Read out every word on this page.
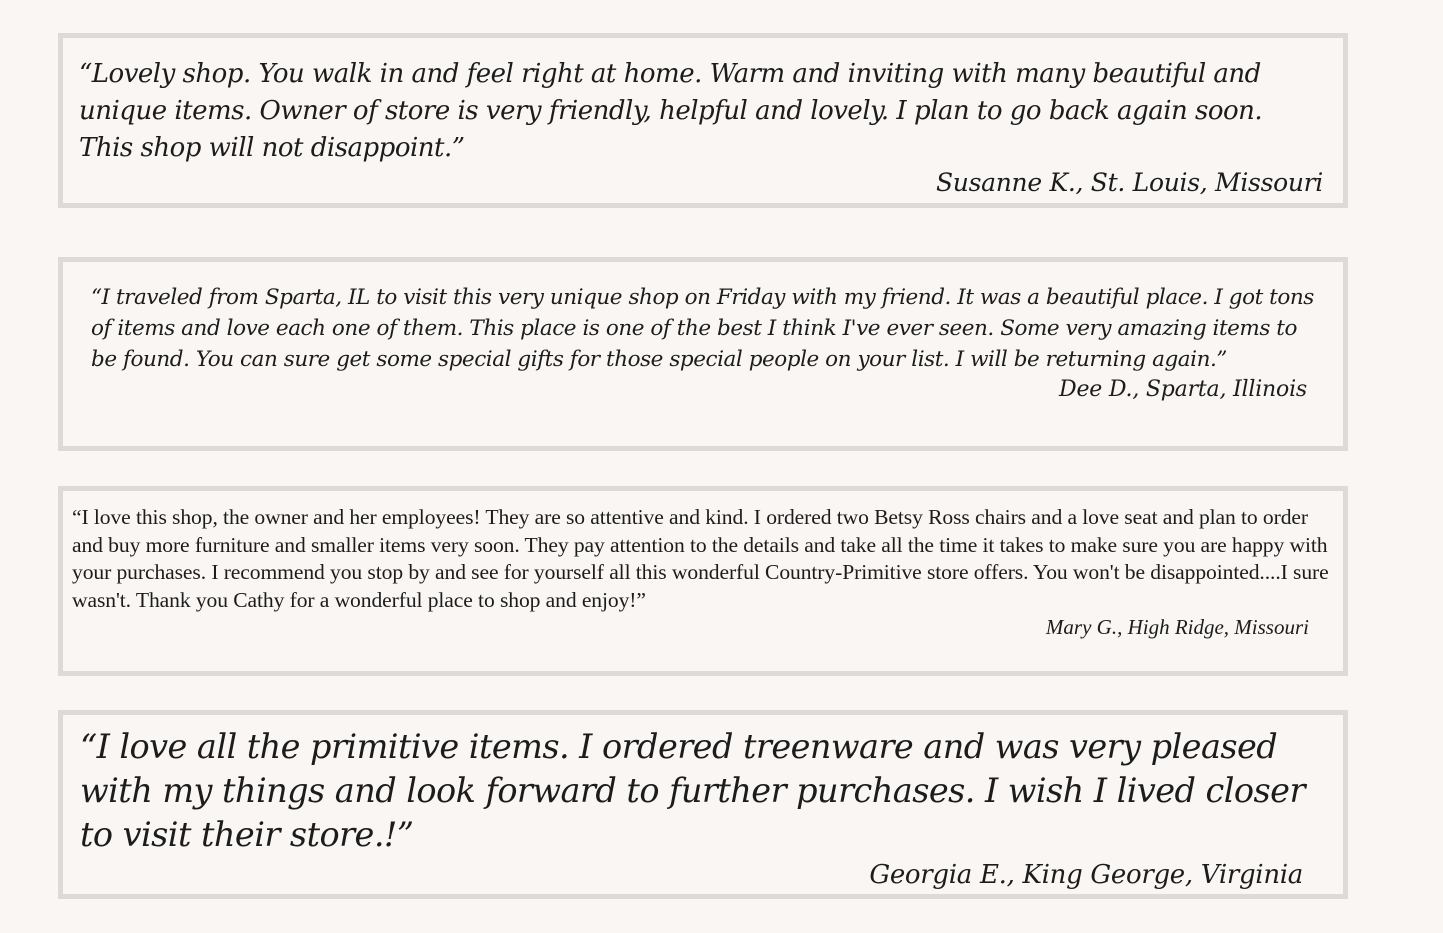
“Lovely shop. You walk in and feel right at home. Warm and inviting with many beautiful and unique items. Owner of store is very friendly, helpful and lovely. I plan to go back again soon. This shop will not disappoint.”
Susanne K., St. Louis, Missouri
“I traveled from Sparta, IL to visit this very unique shop on Friday with my friend. It was a beautiful place. I got tons of items and love each one of them. This place is one of the best I think I've ever seen. Some very amazing items to be found. You can sure get some special gifts for those special people on your list. I will be returning again.”
Dee D., Sparta, Illinois
“I love this shop, the owner and her employees! They are so attentive and kind. I ordered two Betsy Ross chairs and a love seat and plan to order and buy more furniture and smaller items very soon. They pay attention to the details and take all the time it takes to make sure you are happy with your purchases. I recommend you stop by and see for yourself all this wonderful Country-Primitive store offers. You won't be disappointed....I sure wasn't. Thank you Cathy for a wonderful place to shop and enjoy!”
Mary G., High Ridge, Missouri
“I love all the primitive items. I ordered treenware and was very pleased with my things and look forward to further purchases. I wish I lived closer to visit their store.!”
Georgia E., King George, Virginia
